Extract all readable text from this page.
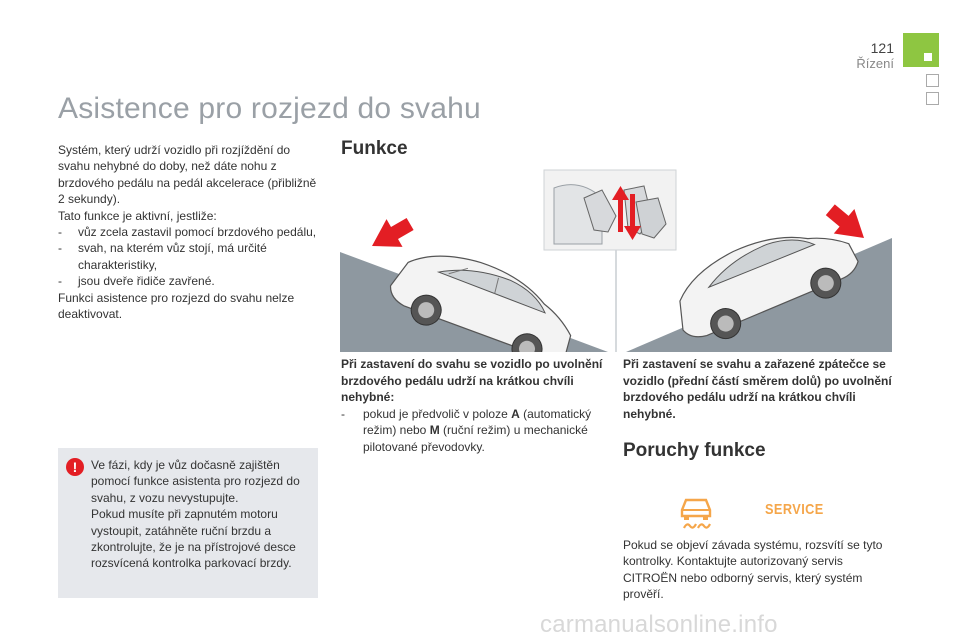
121
Řízení
Asistence pro rozjezd do svahu

Systém, který udrží vozidlo při rozjíždění do svahu nehybné do doby, než dáte nohu z brzdového pedálu na pedál akcelerace (přibližně 2 sekundy).

Tato funkce je aktivní, jestliže:

-	vůz zcela zastavil pomocí brzdového pedálu,
-	svah, na kterém vůz stojí, má určité charakteristiky,
-	jsou dveře řidiče zavřené.

Funkci asistence pro rozjezd do svahu nelze deaktivovat.

Funkce

Při zastavení do svahu se vozidlo po uvolnění brzdového pedálu udrží na krátkou chvíli nehybné:

-	pokud je předvolič v poloze A (automatický režim) nebo M (ruční režim) u mechanické pilotované převodovky.

Při zastavení se svahu a zařazené zpátečce se vozidlo (přední částí směrem dolů) po uvolnění brzdového pedálu udrží na krátkou chvíli nehybné.

Poruchy funkce
SERVICE
Pokud se objeví závada systému, rozsvítí se tyto kontrolky. Kontaktujte autorizovaný servis CITROËN nebo odborný servis, který systém prověří.
!	Ve fázi, kdy je vůz dočasně zajištěn pomocí funkce asistenta pro rozjezd do svahu, z vozu nevystupujte.
Pokud musíte při zapnutém motoru vystoupit, zatáhněte ruční brzdu a zkontrolujte, že je na přístrojové desce rozsvícená kontrolka parkovací brzdy.
carmanualsonline.info
